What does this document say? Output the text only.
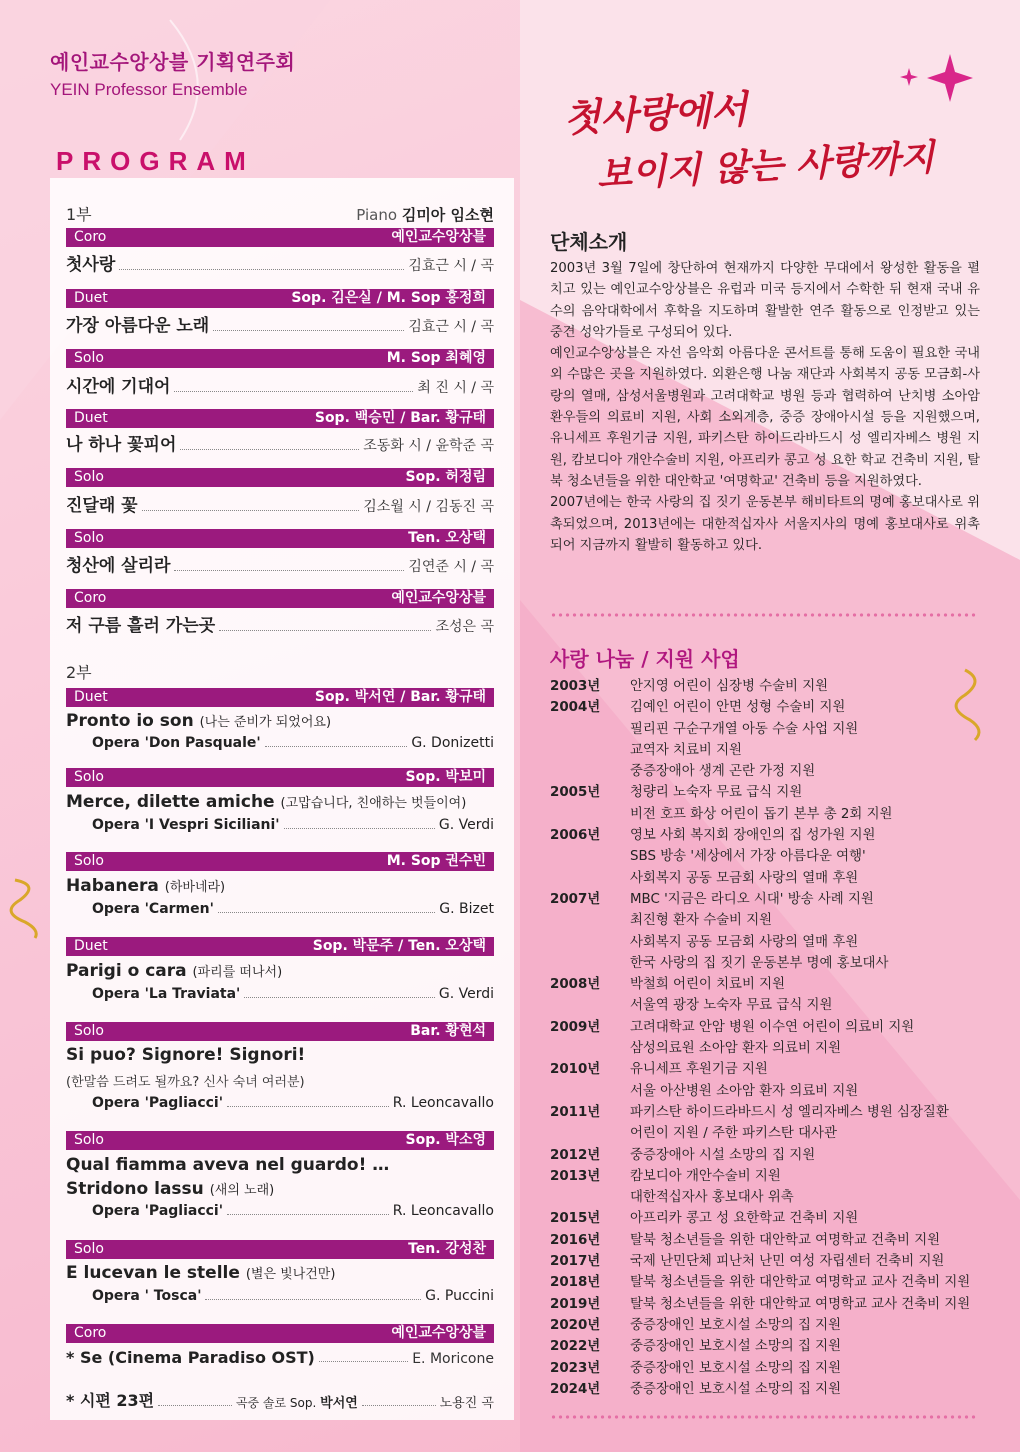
예인교수앙상블 기획연주회
YEIN Professor Ensemble
PROGRAM
첫사랑에서
보이지 않는 사랑까지
1부	Piano 김미아 임소현
Coro	예인교수앙상블
첫사랑	김효근 시 / 곡
Duet	Sop. 김은실 / M. Sop 홍정희
가장 아름다운 노래	김효근 시 / 곡
Solo	M. Sop 최혜영
시간에 기대어	최 진 시 / 곡
Duet	Sop. 백승민 / Bar. 황규태
나 하나 꽃피어	조동화 시 / 윤학준 곡
Solo	Sop. 허정림
진달래 꽃	김소월 시 / 김동진 곡
Solo	Ten. 오상택
청산에 살리라	김연준 시 / 곡
Coro	예인교수앙상블
저 구름 흘러 가는곳	조성은 곡
2부
Duet	Sop. 박서연 / Bar. 황규태
Pronto io son (나는 준비가 되었어요)
Opera 'Don Pasquale'	G. Donizetti
Solo	Sop. 박보미
Merce, dilette amiche (고맙습니다, 친애하는 벗들이여)
Opera 'I Vespri Siciliani'	G. Verdi
Solo	M. Sop 권수빈
Habanera (하바네라)
Opera 'Carmen'	G. Bizet
Duet	Sop. 박문주 / Ten. 오상택
Parigi o cara (파리를 떠나서)
Opera 'La Traviata'	G. Verdi
Solo	Bar. 황현석
Si puo? Signore! Signori!
(한말씀 드려도 될까요? 신사 숙녀 여러분)
Opera 'Pagliacci'	R. Leoncavallo
Solo	Sop. 박소영
Qual fiamma aveva nel guardo! …
Stridono lassu (새의 노래)
Opera 'Pagliacci'	R. Leoncavallo
Solo	Ten. 강성찬
E lucevan le stelle (별은 빛나건만)
Opera ' Tosca'	G. Puccini
Coro	예인교수앙상블
* Se (Cinema Paradiso OST)	E. Moricone
* 시편 23편	곡중 솔로 Sop. 박서연	노용진 곡
단체소개

2003년 3월 7일에 창단하여 현재까지 다양한 무대에서 왕성한 활동을 펼치고 있는 예인교수앙상블은 유럽과 미국 등지에서 수학한 뒤 현재 국내 유수의 음악대학에서 후학을 지도하며 활발한 연주 활동으로 인정받고 있는 중견 성악가들로 구성되어 있다.

예인교수앙상블은 자선 음악회 아름다운 콘서트를 통해 도움이 필요한 국내외 수많은 곳을 지원하였다. 외환은행 나눔 재단과 사회복지 공동 모금회-사랑의 열매, 삼성서울병원과 고려대학교 병원 등과 협력하여 난치병 소아암 환우들의 의료비 지원, 사회 소외계층, 중증 장애아시설 등을 지원했으며, 유니세프 후원기금 지원, 파키스탄 하이드라바드시 성 엘리자베스 병원 지원, 캄보디아 개안수술비 지원, 아프리카 콩고 성 요한 학교 건축비 지원, 탈북 청소년들을 위한 대안학교 '여명학교' 건축비 등을 지원하였다.

2007년에는 한국 사랑의 집 짓기 운동본부 해비타트의 명예 홍보대사로 위촉되었으며, 2013년에는 대한적십자사 서울지사의 명예 홍보대사로 위촉되어 지금까지 활발히 활동하고 있다.

사랑 나눔 / 지원 사업
2003년	안지영 어린이 심장병 수술비 지원
2004년	김예인 어린이 안면 성형 수술비 지원
필리핀 구순구개열 아동 수술 사업 지원
교역자 치료비 지원
중증장애아 생계 곤란 가정 지원
2005년	청량리 노숙자 무료 급식 지원
비전 호프 화상 어린이 돕기 본부 총 2회 지원
2006년	영보 사회 복지회 장애인의 집 성가원 지원
SBS 방송 '세상에서 가장 아름다운 여행'
사회복지 공동 모금회 사랑의 열매 후원
2007년	MBC '지금은 라디오 시대' 방송 사례 지원
최진형 환자 수술비 지원
사회복지 공동 모금회 사랑의 열매 후원
한국 사랑의 집 짓기 운동본부 명예 홍보대사
2008년	박철희 어린이 치료비 지원
서울역 광장 노숙자 무료 급식 지원
2009년	고려대학교 안암 병원 이수연 어린이 의료비 지원
삼성의료원 소아암 환자 의료비 지원
2010년	유니세프 후원기금 지원
서울 아산병원 소아암 환자 의료비 지원
2011년	파키스탄 하이드라바드시 성 엘리자베스 병원 심장질환
어린이 지원 / 주한 파키스탄 대사관
2012년	중증장애아 시설 소망의 집 지원
2013년	캄보디아 개안수술비 지원
대한적십자사 홍보대사 위촉
2015년	아프리카 콩고 성 요한학교 건축비 지원
2016년	탈북 청소년들을 위한 대안학교 여명학교 건축비 지원
2017년	국제 난민단체 피난처 난민 여성 자립센터 건축비 지원
2018년	탈북 청소년들을 위한 대안학교 여명학교 교사 건축비 지원
2019년	탈북 청소년들을 위한 대안학교 여명학교 교사 건축비 지원
2020년	중증장애인 보호시설 소망의 집 지원
2022년	중증장애인 보호시설 소망의 집 지원
2023년	중증장애인 보호시설 소망의 집 지원
2024년	중증장애인 보호시설 소망의 집 지원
